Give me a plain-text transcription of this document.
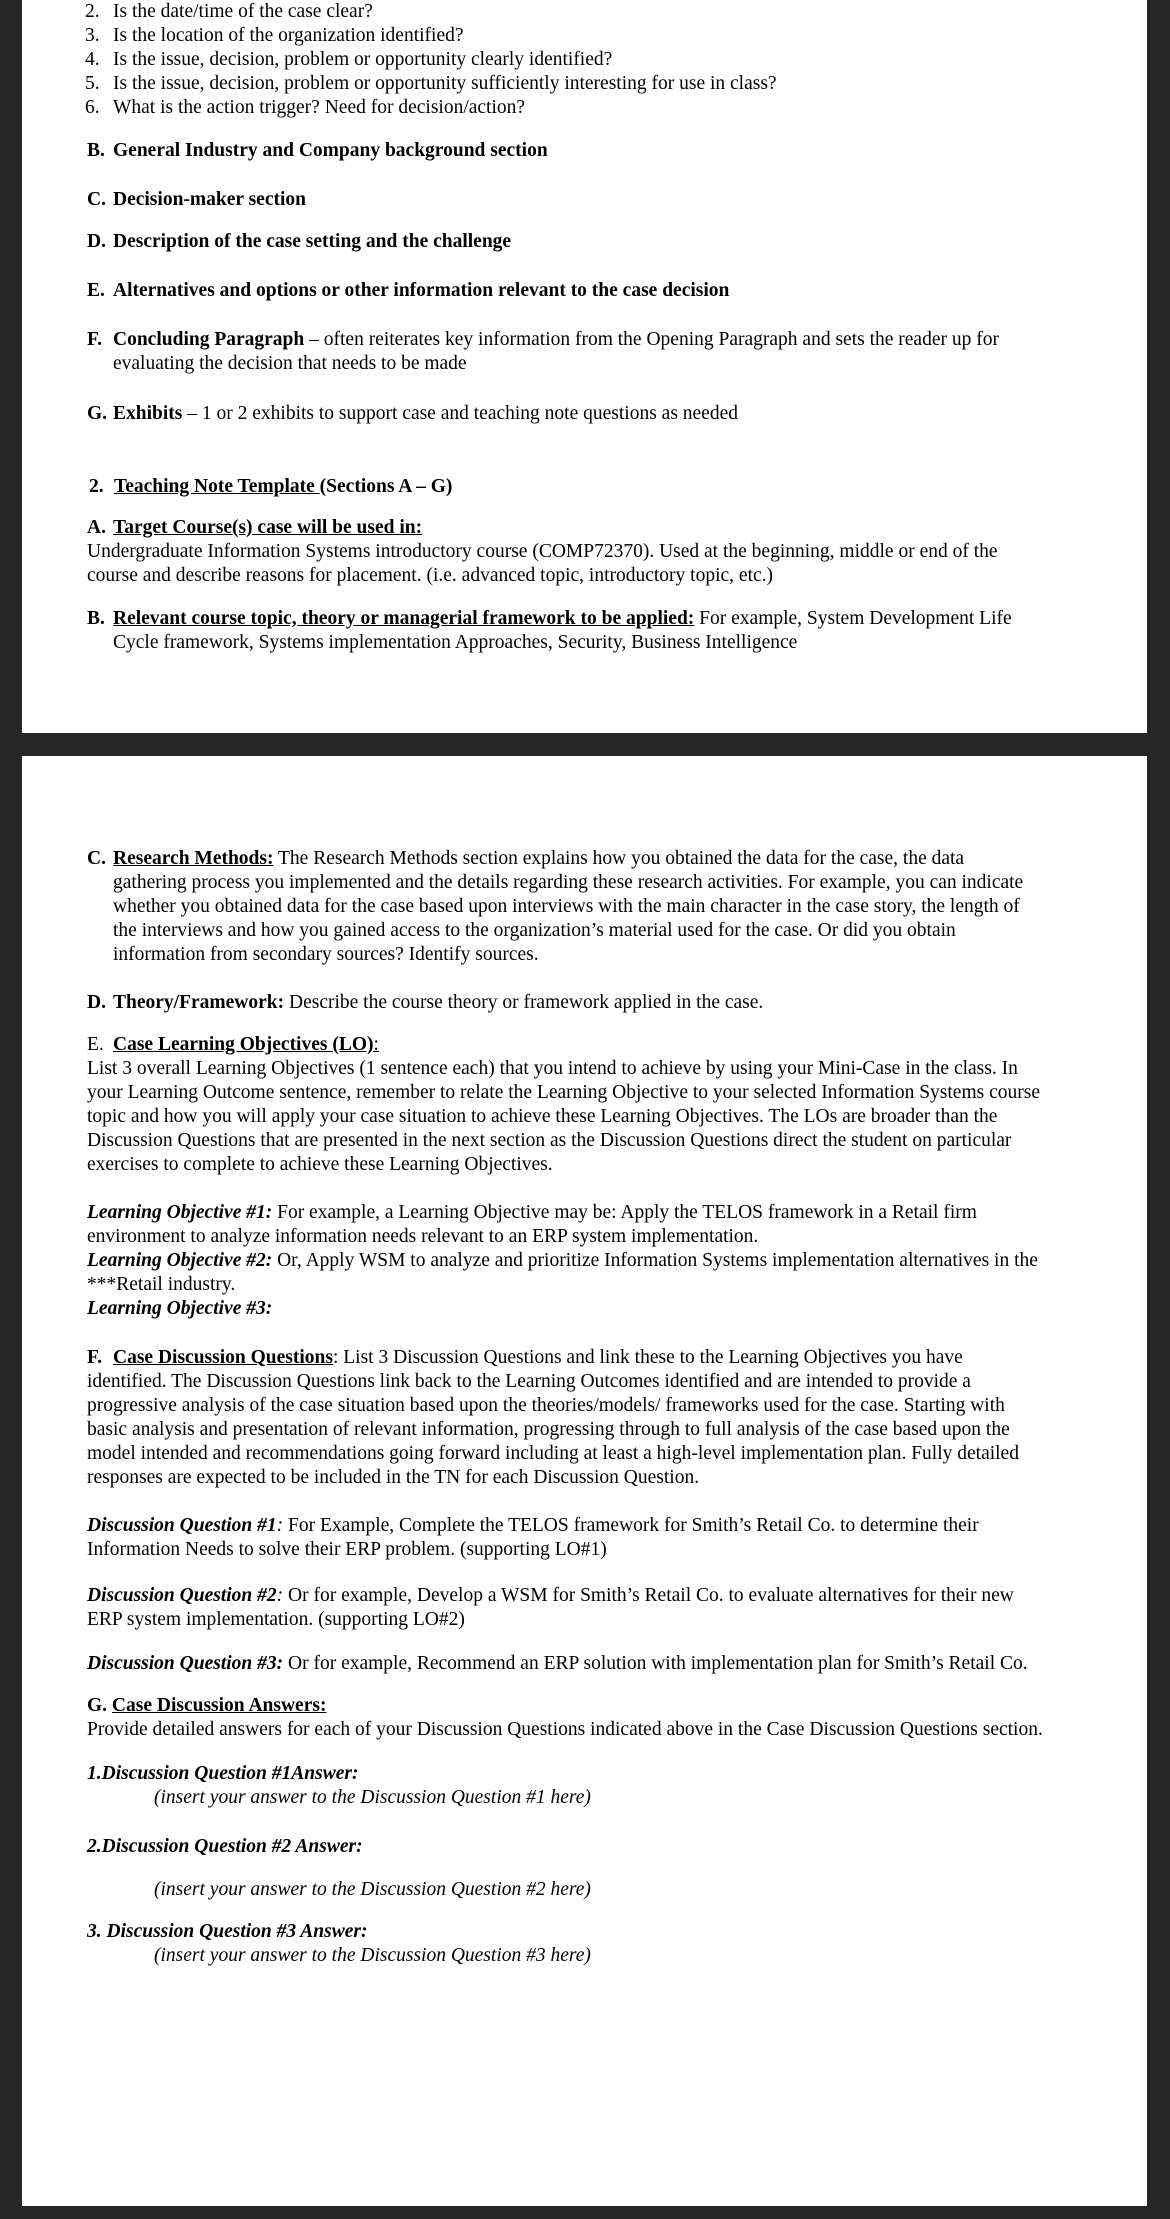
2. Is the date/time of the case clear?
3. Is the location of the organization identified?
4. Is the issue, decision, problem or opportunity clearly identified?
5. Is the issue, decision, problem or opportunity sufficiently interesting for use in class?
6. What is the action trigger? Need for decision/action?
B. General Industry and Company background section
C. Decision-maker section
D. Description of the case setting and the challenge
E. Alternatives and options or other information relevant to the case decision
F. Concluding Paragraph – often reiterates key information from the Opening Paragraph and sets the reader up for
evaluating the decision that needs to be made
G. Exhibits – 1 or 2 exhibits to support case and teaching note questions as needed
2. Teaching Note Template (Sections A – G)
A. Target Course(s) case will be used in:
Undergraduate Information Systems introductory course (COMP72370). Used at the beginning, middle or end of the
course and describe reasons for placement. (i.e. advanced topic, introductory topic, etc.)
B. Relevant course topic, theory or managerial framework to be applied: For example, System Development Life
Cycle framework, Systems implementation Approaches, Security, Business Intelligence
C. Research Methods: The Research Methods section explains how you obtained the data for the case, the data
gathering process you implemented and the details regarding these research activities. For example, you can indicate
whether you obtained data for the case based upon interviews with the main character in the case story, the length of
the interviews and how you gained access to the organization’s material used for the case. Or did you obtain
information from secondary sources? Identify sources.
D. Theory/Framework: Describe the course theory or framework applied in the case.
E. Case Learning Objectives (LO):
List 3 overall Learning Objectives (1 sentence each) that you intend to achieve by using your Mini-Case in the class. In
your Learning Outcome sentence, remember to relate the Learning Objective to your selected Information Systems course
topic and how you will apply your case situation to achieve these Learning Objectives. The LOs are broader than the
Discussion Questions that are presented in the next section as the Discussion Questions direct the student on particular
exercises to complete to achieve these Learning Objectives.
Learning Objective #1: For example, a Learning Objective may be: Apply the TELOS framework in a Retail firm
environment to analyze information needs relevant to an ERP system implementation.
Learning Objective #2: Or, Apply WSM to analyze and prioritize Information Systems implementation alternatives in the
***Retail industry.
Learning Objective #3:
F. Case Discussion Questions: List 3 Discussion Questions and link these to the Learning Objectives you have
identified. The Discussion Questions link back to the Learning Outcomes identified and are intended to provide a
progressive analysis of the case situation based upon the theories/models/ frameworks used for the case. Starting with
basic analysis and presentation of relevant information, progressing through to full analysis of the case based upon the
model intended and recommendations going forward including at least a high-level implementation plan. Fully detailed
responses are expected to be included in the TN for each Discussion Question.
Discussion Question #1: For Example, Complete the TELOS framework for Smith’s Retail Co. to determine their
Information Needs to solve their ERP problem. (supporting LO#1)
Discussion Question #2: Or for example, Develop a WSM for Smith’s Retail Co. to evaluate alternatives for their new
ERP system implementation. (supporting LO#2)
Discussion Question #3: Or for example, Recommend an ERP solution with implementation plan for Smith’s Retail Co.
G. Case Discussion Answers:
Provide detailed answers for each of your Discussion Questions indicated above in the Case Discussion Questions section.
1.Discussion Question #1Answer:
(insert your answer to the Discussion Question #1 here)
2.Discussion Question #2 Answer:
(insert your answer to the Discussion Question #2 here)
3. Discussion Question #3 Answer:
(insert your answer to the Discussion Question #3 here)
